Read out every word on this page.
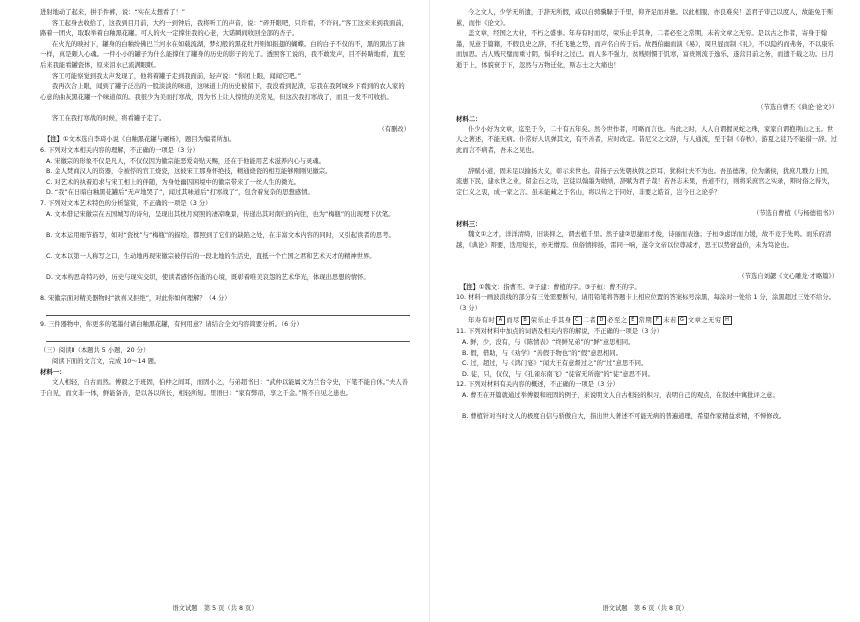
进射地动了起来，拼手件裤，说：“实在太想看了！”

客工起身去收拾了，这我到目月前，大约一到钟后，我将听工的声音，说：“碎开眼吧，只许看，不许问。”客工这来来到我面前，路着一团火，取取举着白釉黑花罐。可人的火一定撑住我的心老，大诺瞬间收回全部的杏子。

在火光的映衬下，罐身的白釉纷佛巴兰河水在如载流湖，梦幻般的黑花牡丹则如振翅的蝴蝶。白的白子不仅的不，黑的黑出了油一样，真是颇人心魂。一件小小的罐子为什么能撑住了罐身的历史的影子的光了。透照客工说的，我不敢发声，目不转睛地看，直至后来我能看罐瓷体，原来泪水已流满眼眶。

客工可能察觉到我太声发现了，他将着罐子走到我面前，轻声说：“你闭上眼，闻闻它吧。”

我再次合上眼，闻到了罐子泛出的一股淡淡的味道，这味道上的历史被留下，我没看到泥渣，忘我在我阿城乡下看到的农人家的心意的曲灰黑花罐一个味道似的。我很少为美而打寒战，因为书上让人惊恍的美常见，但这次我打寒战了，而且一发不可收拾。

客工在我打寒战的时候，将看罐子走了。

（有删改）

【注】①文本选自李琦小说《白釉黑花罐与碾杨》，题目为编者所加。

6. 下列对文本相关内容的理解，不正确的一项是（3 分）

A. 宋徽宗的形象不仅是凡人，不仅仅因为徽宗能恶爱奇贴天赐，还在于他能用艺术滋养内心与灵魂。

B. 金人焚商汉人的资器，令被俘的官工烧瓷，这彼宋工那身怀绝技，精通烧瓷的相互能够刚刚见徽宗。

C. 对艺术的执着追求与宋工相上的伴随，为身处幽囚困境中的徽宗带来了一丝人生的微光。

D. “我”在日暗白釉黑花罐后“无声地哭了”，闻过其味道后“打寒战了”，包含着复杂的思想感情。

7. 下列对文本艺术特色的分析鉴赏，不正确的一项是（3 分）

A. 文本借记宋徽宗在五国城写的诗句，呈现出其枕月窝照的凄凉晚景，传递出其对南归的向往，也为“梅瓶”的出现埋下伏笔。

B. 文本运用细节描写，如对“瓷枕”与“梅瓶”的描绘，都照到了它们的缺陷之处，在丰富文本内容的同时，又引起读者的思考。

C. 文本以第一人称写之口，生动地再现宋徽宗被俘后的一段北地的生活史，直抵一个亡国之君和艺术天才的精神世界。

D. 文本构思奇特巧妙，历史与现实交织，使读者感怀伤逝的心境，既彰着唯美哀怨的艺术华光，体现出思想的情怀。

8. 宋徽宗面对精美器物时“欲喜又拒绝”，对此你如何理解？（4 分）

9. 三件器物中，你更多的笔墨付诸白釉黑花罐，有何用意？请结合全文内容简要分析。（6 分）

（三）阅读Ⅱ（本题共 5 小题，20 分）

阅读下面的文言文，完成 10～14 题。

材料一：

文人相轻，自古而然。傅毅之于班固，伯仲之间耳，而固小之，与弟超书曰：“武仲以能属文为兰台令史，下笔不能自休。”夫人善于自见，而文非一体，鲜能备善，是以各以所长，相轻所短。里语曰：“家有弊帚，享之千金。”斯不自见之患也。

语文试题　第 5 页（共 8 页）

今之文人，少学无所遗，于辞无所假，咸以自骋骥騄于千里，仰齐足而并驰。以此相服，亦良难矣！盖君子审己以度人，故能免于斯累，而作《论文》。

盖文章，经国之大业，不朽之盛事。年寿有时而尽，荣乐止乎其身，二者必至之常期，未若文章之无穷。是以古之作者，寄身于翰墨，见意于篇籍，不假良史之辞，不托飞驰之势，而声名自传于后。故西伯幽而演《易》，周旦显而制《礼》，不以隐约而弗务，不以康乐而加思。古人贱尺璧而重寸阴，惧乎时之过已。而人多不强力，贫贱则慑于饥寒，富贵则流于逸乐，遂营目前之务，而遗千载之功。日月逝于上，体貌衰于下，忽然与万物迁化，斯志士之大痛也！

（节选自曹丕《典论·论文》）

材料二：

仆少小好为文章，迄至于今，二十有五年矣。然今世作者，可略而言也。当此之时，人人自谓握灵蛇之珠，家家自谓抱荆山之玉。世人之著述，不能无病。仆常好人讥弹其文，有不善者，应时改定。昔尼父之文辞，与人通流，至于制《春秋》，游夏之徒乃不能措一辞。过此而言不病者，吾未之见也。

辞赋小道，固未足以揄扬大义，彰示来世也。昔扬子云先朝执戟之臣耳，犹称壮夫不为也。吾虽德薄，位为藩侯，犹庶几戮力上国，流惠下民，建永世之业，留金石之功，岂徒以翰墨为勋绩，辞赋为君子哉！若吾志未果，吾道不行，则将采庶官之实录，辩时俗之得失，定仁义之衷，成一家之言。虽未能藏之于名山，将以传之于同好，非要之皓首，岂今日之论乎？

（节选自曹植《与杨德祖书》）

材料三：

魏文①之才，洋洋清绮，旧谈抑之，谓去植千里。然子建②思捷而才俊，诗丽而表逸；子桓③虑详而力缓，故不竞于先鸣。而乐府清越，《典论》辩要，迭用短长，亦无懵焉。但俗情抑扬，雷同一响，遂令文帝以位尊减才，思王以势窘益价，未为笃论也。

（节选自刘勰《文心雕龙·才略篇》）

【注】①魏文：指曹丕。②子建：曹植的字。③子桓：曹丕的字。

10. 材料一画波浪线的部分有三处需要断句，请用铅笔将答题卡上相应位置的答案标号涂黑，每涂对一处给 1 分，涂黑超过三处不给分。（3 分）

年寿有时 A 而尽 B 荣乐止乎其身 C 二者 D 必至之 E 常期 F 未若 G 文章之无穷 H

11. 下列对材料中加点的词语及相关内容的解说，不正确的一项是（3 分）

A. 鲜，少，没有，与《陈情表》“终鲜兄弟”的“鲜”意思相同。

B. 假，借助，与《劝学》“善假于物也”的“假”意思相同。

C. 过，超过，与《鸿门宴》“闻大王有意督过之”的“过”意思不同。

D. 徒，只，仅仅，与《孔雀东南飞》“徒留无所施”的“徒”意思不同。

12. 下列对材料有关内容的概述，不正确的一项是（3 分）

A. 曹丕在开篇就通过举傅毅和班固的例子，来说明文人自古相轻的积习，表明自己的观点，在叙述中寓批评之意。

B. 曹植针对当时文人的极度自信与骄傲自大，指出世人著述不可能无病的普遍道理，希望作家精益求精，不惮修改。

语文试题　第 6 页（共 8 页）
